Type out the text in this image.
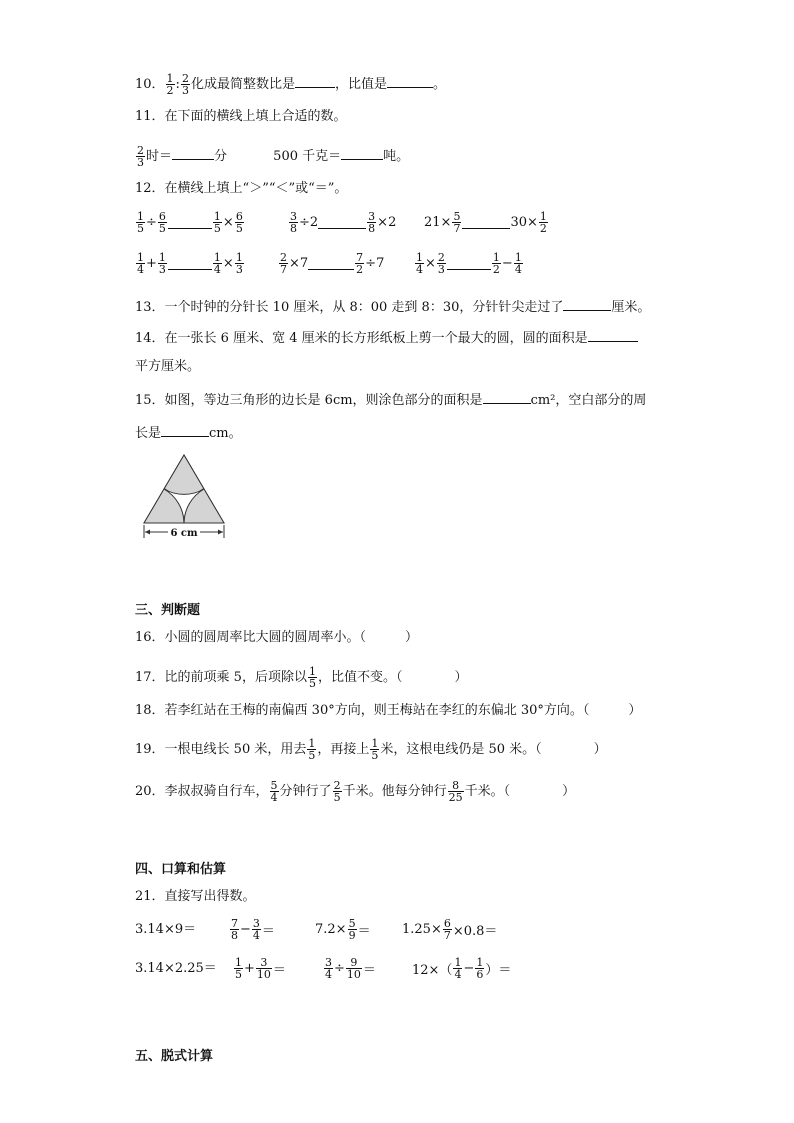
10． $\frac{1}{2}$ : $\frac{2}{3}$ 化成最简整数比是	，比值是	。
11．在下面的横线上填上合适的数。
$\frac{2}{3}$ 时＝	分	500 千克＝	吨。
12．在横线上填上“＞”“＜”或“＝”。
$\frac{1}{5} \div \frac{6}{5}$	$\frac{1}{5} \times \frac{6}{5}$	$\frac{3}{8} \div 2$	$\frac{3}{8} \times 2$ $21\times \frac{5}{7}$	$30\times \frac{1}{2}$
$\frac{1}{4} + \frac{1}{3}$	$\frac{1}{4} \times \frac{1}{3}$	$\frac{2}{7} \times 7$	$\frac{7}{2} \div 7$	$\frac{1}{4} \times \frac{2}{3}$	$\frac{1}{2} - \frac{1}{4}$
13．一个时钟的分针长 10 厘米，从 8：00 走到 8：30，分针针尖走过了	厘米。
14．在一张长 6 厘米、宽 4 厘米的长方形纸板上剪一个最大的圆，圆的面积是
平方厘米。
15．如图，等边三角形的边长是 6cm，则涂色部分的面积是	cm²，空白部分的周
长是	cm。
6 cm
三、判断题
16．小圆的圆周率比大圆的圆周率小。（　　　）
17．比的前项乘 5，后项除以 $\frac{1}{5}$ ，比值不变。（　　　　）
18．若李红站在王梅的南偏西 30°方向，则王梅站在李红的东偏北 30°方向。（　　　）
19．一根电线长 50 米，用去 $\frac{1}{5}$ ，再接上 $\frac{1}{5}$ 米，这根电线仍是 50 米。（　　　　）
20．李叔叔骑自行车， $\frac{5}{4}$ 分钟行了 $\frac{2}{5}$ 千米。他每分钟行 $\frac{8}{25}$ 千米。（　　　　）
四、口算和估算
21．直接写出得数。
3.14×9＝	$\frac{7}{8} - \frac{3}{4}$ ＝	$7.2\times \frac{5}{9} = 1.25\times \frac{6}{7} \times 0.8=$
$3.14\times 2.25= \frac{1}{5} + \frac{3}{10}$ ＝	$\frac{3}{4} \div \frac{9}{10}$ ＝	$12\times( \frac{1}{4} - \frac{1}{6}$ ）＝
五、脱式计算
